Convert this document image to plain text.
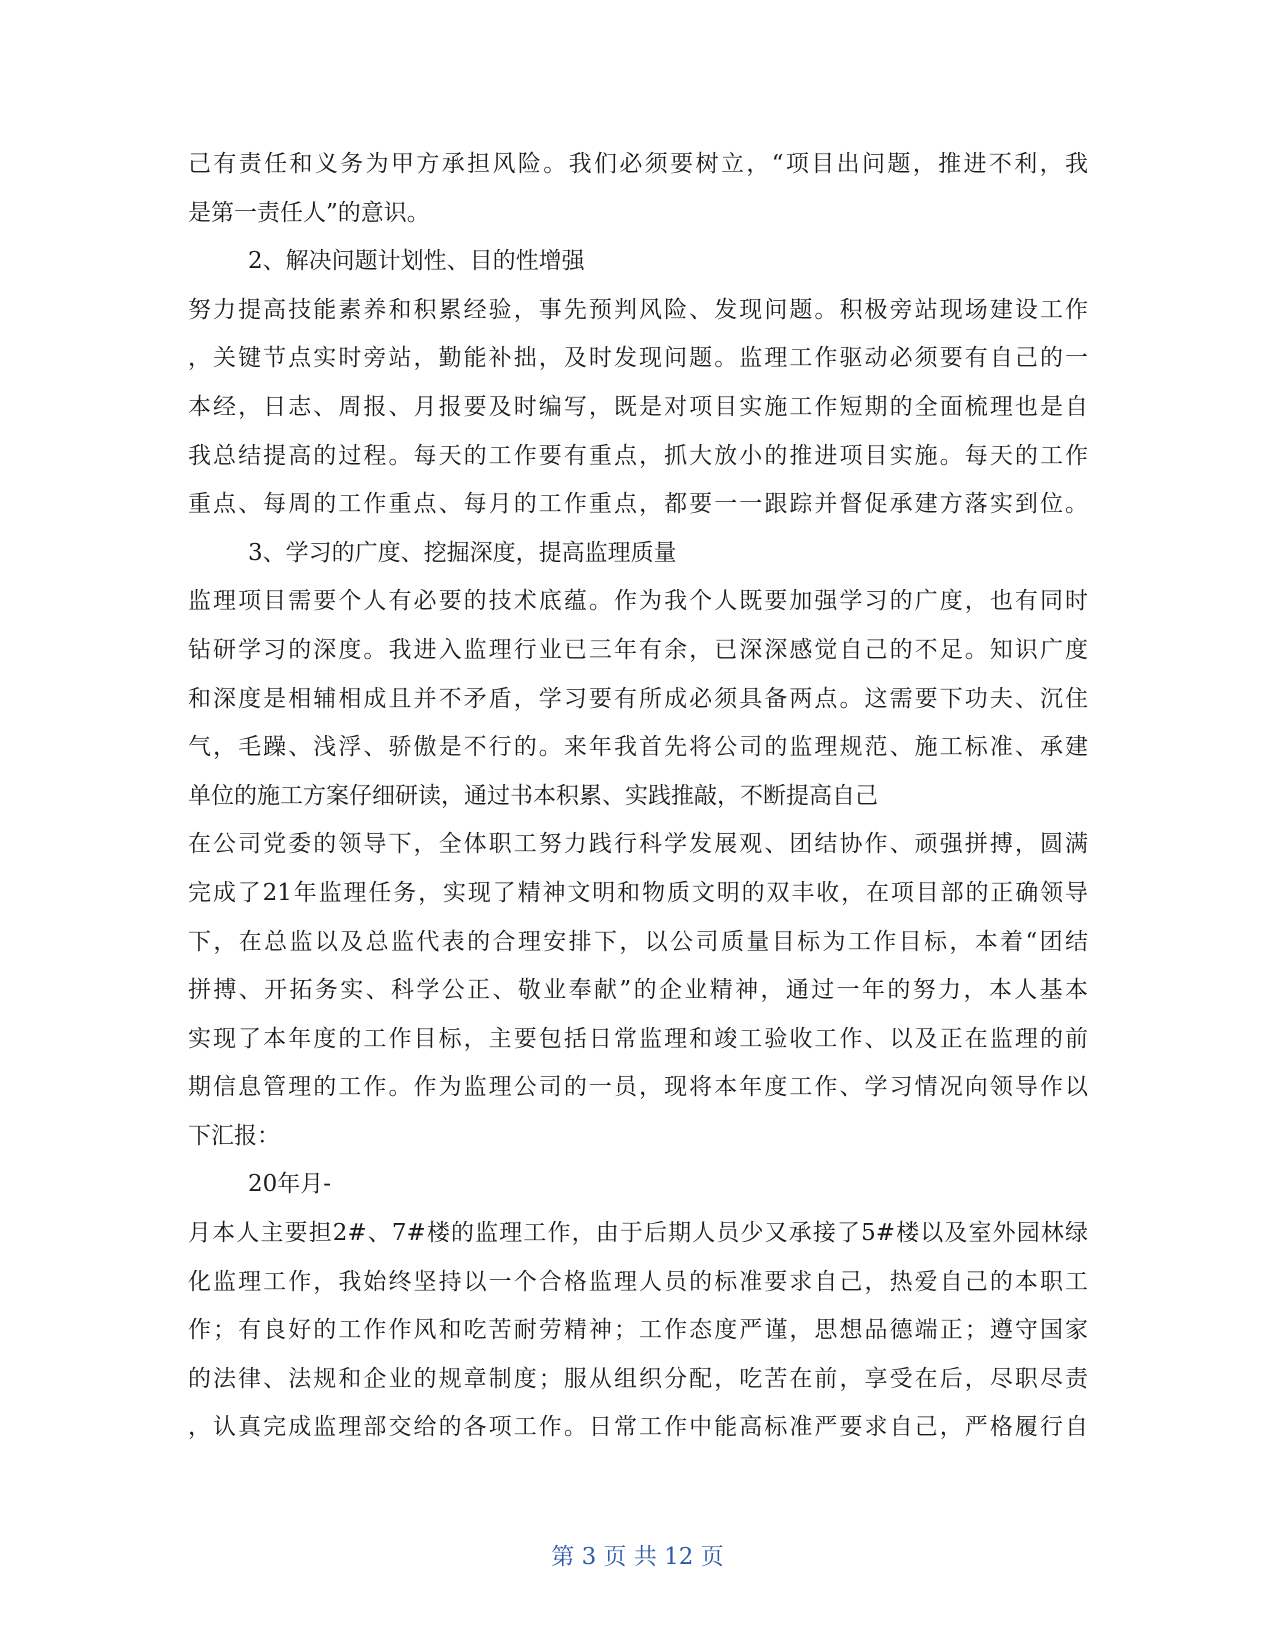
己有责任和义务为甲方承担风险。我们必须要树立，“项目出问题，推进不利，我
是第一责任人”的意识。
2、解决问题计划性、目的性增强
努力提高技能素养和积累经验，事先预判风险、发现问题。积极旁站现场建设工作
，关键节点实时旁站，勤能补拙，及时发现问题。监理工作驱动必须要有自己的一
本经，日志、周报、月报要及时编写，既是对项目实施工作短期的全面梳理也是自
我总结提高的过程。每天的工作要有重点，抓大放小的推进项目实施。每天的工作
重点、每周的工作重点、每月的工作重点，都要一一跟踪并督促承建方落实到位。
3、学习的广度、挖掘深度，提高监理质量
监理项目需要个人有必要的技术底蕴。作为我个人既要加强学习的广度，也有同时
钻研学习的深度。我进入监理行业已三年有余，已深深感觉自己的不足。知识广度
和深度是相辅相成且并不矛盾，学习要有所成必须具备两点。这需要下功夫、沉住
气，毛躁、浅浮、骄傲是不行的。来年我首先将公司的监理规范、施工标准、承建
单位的施工方案仔细研读，通过书本积累、实践推敲，不断提高自己
在公司党委的领导下，全体职工努力践行科学发展观、团结协作、顽强拼搏，圆满
完成了21年监理任务，实现了精神文明和物质文明的双丰收，在项目部的正确领导
下，在总监以及总监代表的合理安排下，以公司质量目标为工作目标，本着“团结
拼搏、开拓务实、科学公正、敬业奉献”的企业精神，通过一年的努力，本人基本
实现了本年度的工作目标，主要包括日常监理和竣工验收工作、以及正在监理的前
期信息管理的工作。作为监理公司的一员，现将本年度工作、学习情况向领导作以
下汇报：
20年月-
月本人主要担2#、7#楼的监理工作，由于后期人员少又承接了5#楼以及室外园林绿
化监理工作，我始终坚持以一个合格监理人员的标准要求自己，热爱自己的本职工
作；有良好的工作作风和吃苦耐劳精神；工作态度严谨，思想品德端正；遵守国家
的法律、法规和企业的规章制度；服从组织分配，吃苦在前，享受在后，尽职尽责
，认真完成监理部交给的各项工作。日常工作中能高标准严要求自己，严格履行自
第 3 页 共 12 页
